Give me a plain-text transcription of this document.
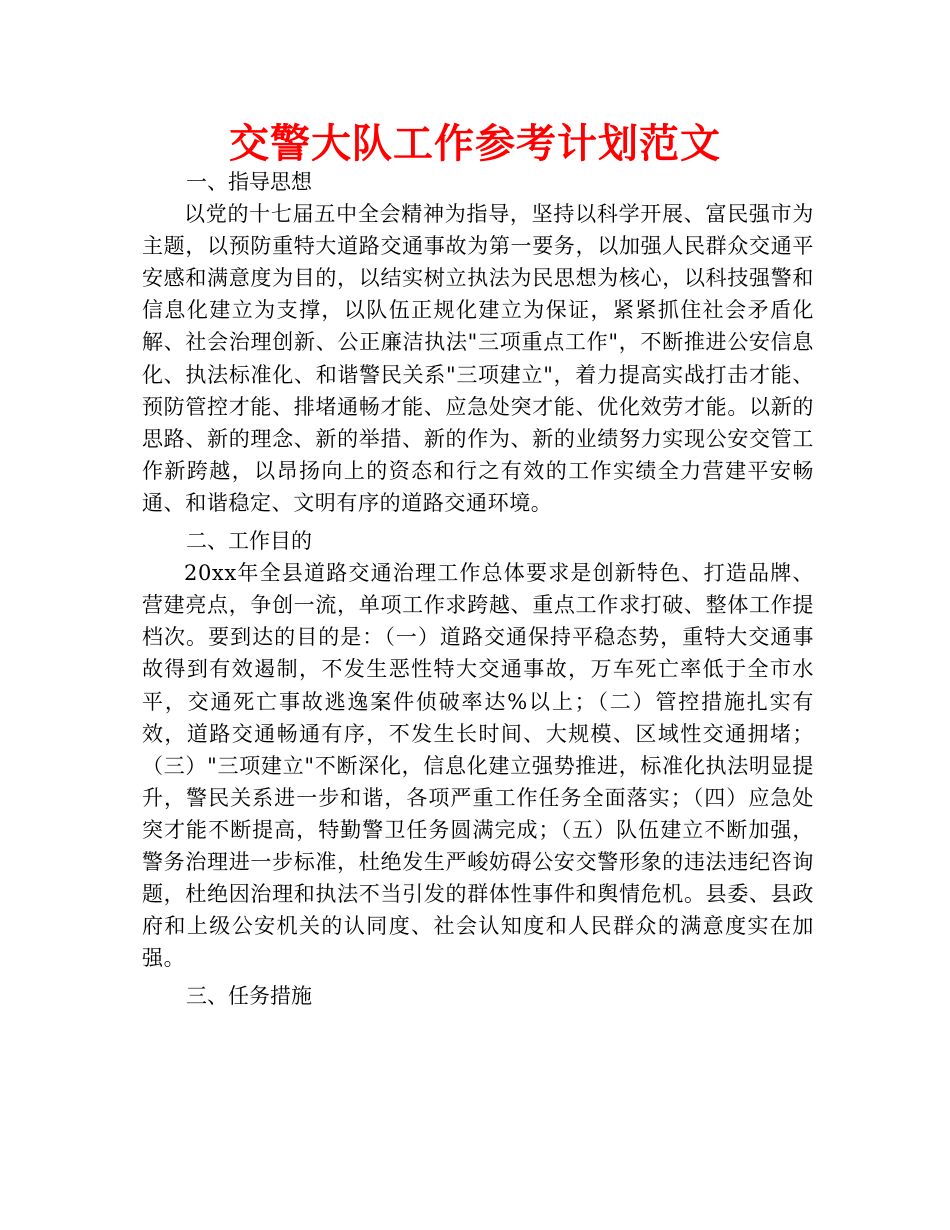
交警大队工作参考计划范文

一、指导思想

以党的十七届五中全会精神为指导，坚持以科学开展、富民强市为主题，以预防重特大道路交通事故为第一要务，以加强人民群众交通平安感和满意度为目的，以结实树立执法为民思想为核心，以科技强警和信息化建立为支撑，以队伍正规化建立为保证，紧紧抓住社会矛盾化解、社会治理创新、公正廉洁执法"三项重点工作"，不断推进公安信息化、执法标准化、和谐警民关系"三项建立"，着力提高实战打击才能、预防管控才能、排堵通畅才能、应急处突才能、优化效劳才能。以新的思路、新的理念、新的举措、新的作为、新的业绩努力实现公安交管工作新跨越，以昂扬向上的资态和行之有效的工作实绩全力营建平安畅通、和谐稳定、文明有序的道路交通环境。

二、工作目的

20xx年全县道路交通治理工作总体要求是创新特色、打造品牌、营建亮点，争创一流，单项工作求跨越、重点工作求打破、整体工作提档次。要到达的目的是：（一）道路交通保持平稳态势，重特大交通事故得到有效遏制，不发生恶性特大交通事故，万车死亡率低于全市水平，交通死亡事故逃逸案件侦破率达%以上；（二）管控措施扎实有效，道路交通畅通有序，不发生长时间、大规模、区域性交通拥堵；（三）"三项建立"不断深化，信息化建立强势推进，标准化执法明显提升，警民关系进一步和谐，各项严重工作任务全面落实；（四）应急处突才能不断提高，特勤警卫任务圆满完成；（五）队伍建立不断加强，警务治理进一步标准，杜绝发生严峻妨碍公安交警形象的违法违纪咨询题，杜绝因治理和执法不当引发的群体性事件和舆情危机。县委、县政府和上级公安机关的认同度、社会认知度和人民群众的满意度实在加强。

三、任务措施
